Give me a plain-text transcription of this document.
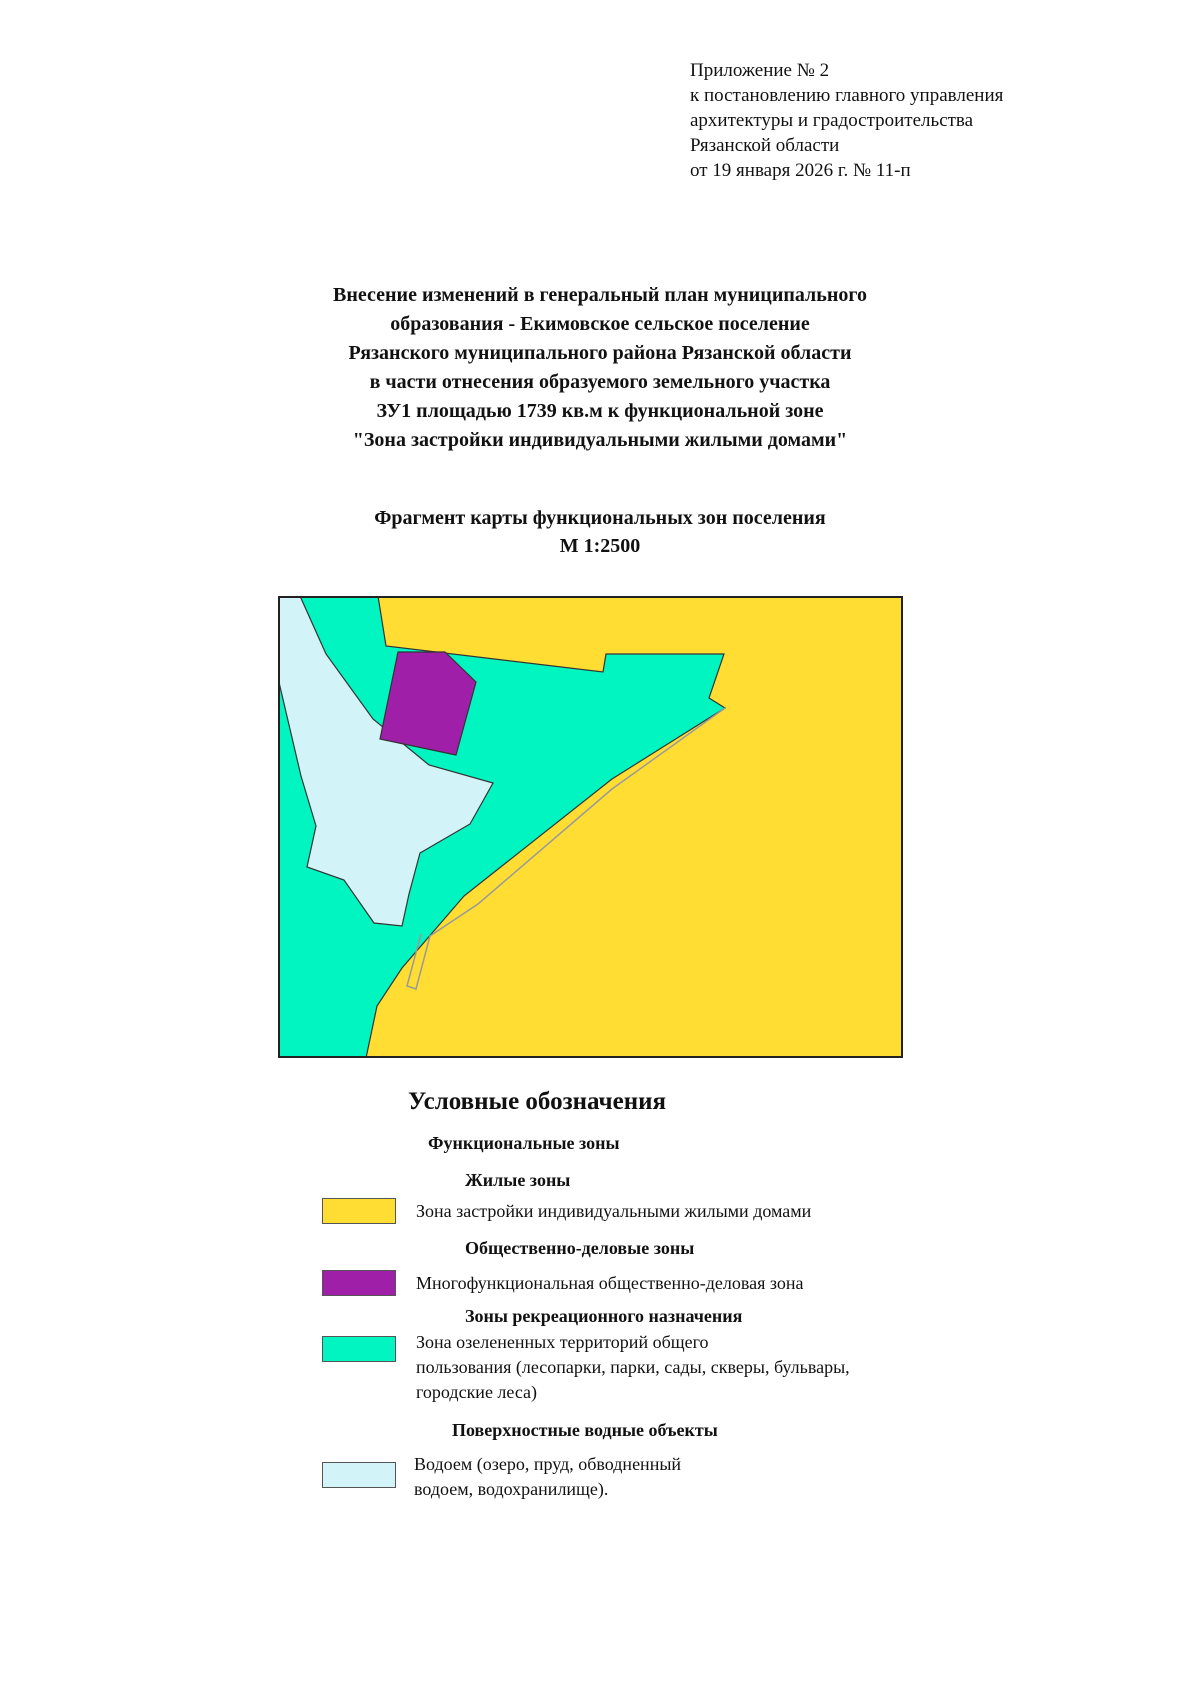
Приложение № 2
к постановлению главного управления
архитектуры и градостроительства
Рязанской области
от 19 января 2026 г. № 11-п
Внесение изменений в генеральный план муниципального
образования - Екимовское сельское поселение
Рязанского муниципального района Рязанской области
в части отнесения образуемого земельного участка
ЗУ1 площадью 1739 кв.м к функциональной зоне
"Зона застройки индивидуальными жилыми домами"
Фрагмент карты функциональных зон поселения
М 1:2500
Условные обозначения
Функциональные зоны
Жилые зоны
Зона застройки индивидуальными жилыми домами
Общественно-деловые зоны
Многофункциональная общественно-деловая зона
Зоны рекреационного назначения
Зона озелененных территорий общего
пользования (лесопарки, парки, сады, скверы, бульвары,
городские леса)
Поверхностные водные объекты
Водоем (озеро, пруд, обводненный
водоем, водохранилище).
